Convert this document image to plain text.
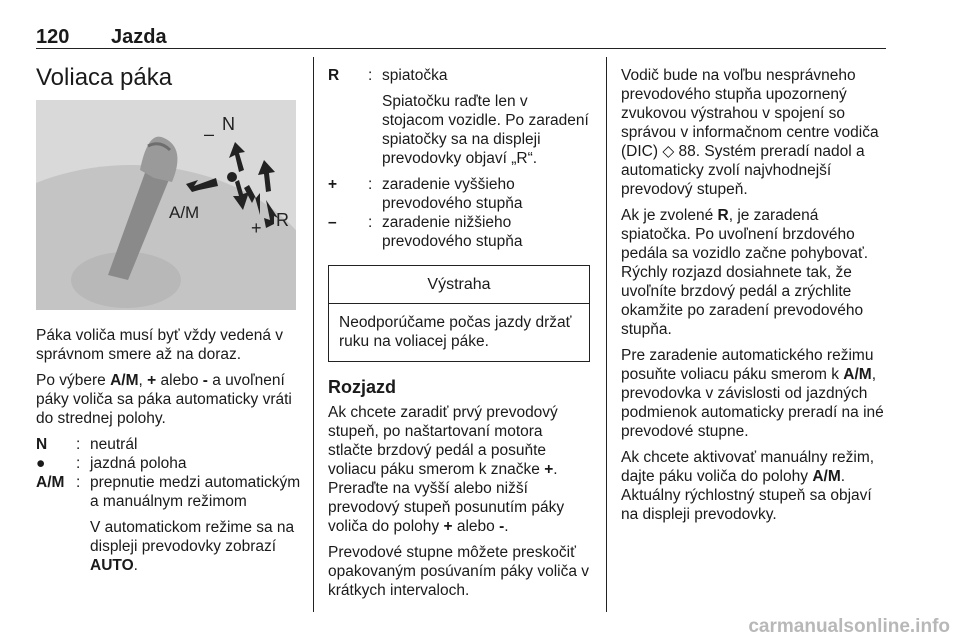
120 Jazda
Voliaca páka
– N
A/M
+ R

Páka voliča musí byť vždy vedená v správnom smere až na doraz.

Po výbere A/M, + alebo - a uvoľnení páky voliča sa páka automaticky vráti do strednej polohy.

N	: neutrál
●	: jazdná poloha
A/M : prepnutie medzi automatickým a manuálnym režimom

V automatickom režime sa na displeji prevodovky zobrazí AUTO.

R	: spiatočka

Spiatočku raďte len v stojacom vozidle. Po zaradení spiatočky sa na displeji prevodovky objaví „R“.

+	: zaradenie vyššieho prevodového stupňa
–	: zaradenie nižšieho prevodového stupňa
Výstraha
Neodporúčame počas jazdy držať ruku na voliacej páke.
Rozjazd

Ak chcete zaradiť prvý prevodový stupeň, po naštartovaní motora stlačte brzdový pedál a posuňte voliacu páku smerom k značke +. Preraďte na vyšší alebo nižší prevodový stupeň posunutím páky voliča do polohy + alebo -.

Prevodové stupne môžete preskočiť opakovaným posúvaním páky voliča v krátkych intervaloch.

Vodič bude na voľbu nesprávneho prevodového stupňa upozornený zvukovou výstrahou v spojení so správou v informačnom centre vodiča (DIC) ◇ 88. Systém preradí nadol a automaticky zvolí najvhodnejší prevodový stupeň.

Ak je zvolené R, je zaradená spiatočka. Po uvoľnení brzdového pedála sa vozidlo začne pohybovať. Rýchly rozjazd dosiahnete tak, že uvoľníte brzdový pedál a zrýchlite okamžite po zaradení prevodového stupňa.

Pre zaradenie automatického režimu posuňte voliacu páku smerom k A/M, prevodovka v závislosti od jazdných podmienok automaticky preradí na iné prevodové stupne.

Ak chcete aktivovať manuálny režim, dajte páku voliča do polohy A/M. Aktuálny rýchlostný stupeň sa objaví na displeji prevodovky.

carmanualsonline.info
